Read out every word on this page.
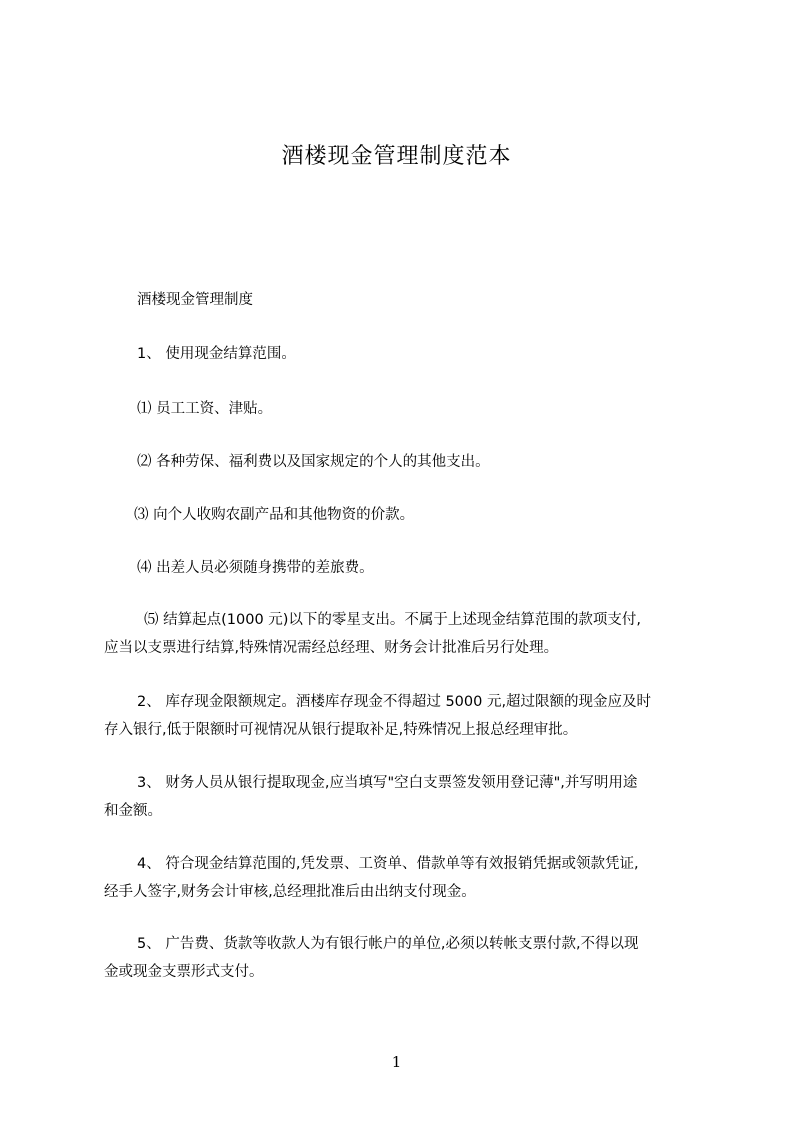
酒楼现金管理制度范本
酒楼现金管理制度
1、 使用现金结算范围。
⑴ 员工工资、津贴。
⑵ 各种劳保、福利费以及国家规定的个人的其他支出。
⑶ 向个人收购农副产品和其他物资的价款。
⑷ 出差人员必须随身携带的差旅费。
⑸ 结算起点(1000 元)以下的零星支出。不属于上述现金结算范围的款项支付,
应当以支票进行结算,特殊情况需经总经理、财务会计批准后另行处理。
2、 库存现金限额规定。酒楼库存现金不得超过 5000 元,超过限额的现金应及时
存入银行,低于限额时可视情况从银行提取补足,特殊情况上报总经理审批。
3、 财务人员从银行提取现金,应当填写"空白支票签发领用登记薄",并写明用途
和金额。
4、 符合现金结算范围的,凭发票、工资单、借款单等有效报销凭据或领款凭证,
经手人签字,财务会计审核,总经理批准后由出纳支付现金。
5、 广告费、货款等收款人为有银行帐户的单位,必须以转帐支票付款,不得以现
金或现金支票形式支付。
1
